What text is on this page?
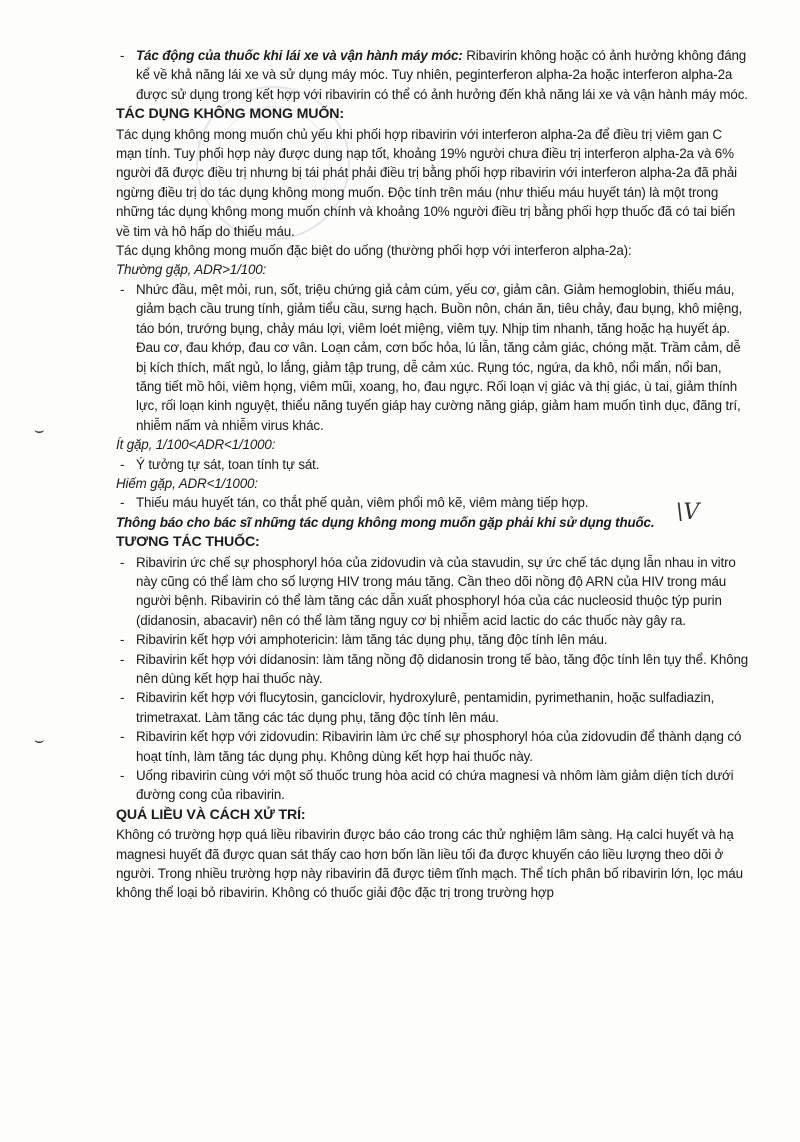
⌣
⌣
\V

- Tác động của thuốc khi lái xe và vận hành máy móc: Ribavirin không hoặc có ảnh hưởng không đáng kể về khả năng lái xe và sử dụng máy móc. Tuy nhiên, peginterferon alpha-2a hoặc interferon alpha-2a được sử dụng trong kết hợp với ribavirin có thể có ảnh hưởng đến khả năng lái xe và vận hành máy móc.

TÁC DỤNG KHÔNG MONG MUỐN:

Tác dụng không mong muốn chủ yếu khi phối hợp ribavirin với interferon alpha-2a để điều trị viêm gan C mạn tính. Tuy phối hợp này được dung nạp tốt, khoảng 19% người chưa điều trị interferon alpha-2a và 6% người đã được điều trị nhưng bị tái phát phải điều trị bằng phối hợp ribavirin với interferon alpha-2a đã phải ngừng điều trị do tác dụng không mong muốn. Độc tính trên máu (như thiếu máu huyết tán) là một trong những tác dụng không mong muốn chính và khoảng 10% người điều trị bằng phối hợp thuốc đã có tai biến về tim và hô hấp do thiếu máu.

Tác dụng không mong muốn đặc biệt do uống (thường phối hợp với interferon alpha-2a):

Thường gặp, ADR>1/100:

- Nhức đầu, mệt mỏi, run, sốt, triệu chứng giả cảm cúm, yếu cơ, giảm cân. Giảm hemoglobin, thiếu máu, giảm bạch cầu trung tính, giảm tiểu cầu, sưng hạch. Buồn nôn, chán ăn, tiêu chảy, đau bụng, khô miệng, táo bón, trướng bụng, chảy máu lợi, viêm loét miệng, viêm tụy. Nhịp tim nhanh, tăng hoặc hạ huyết áp. Đau cơ, đau khớp, đau cơ vân. Loạn cảm, cơn bốc hỏa, lú lẫn, tăng cảm giác, chóng mặt. Trầm cảm, dễ bị kích thích, mất ngủ, lo lắng, giảm tập trung, dễ cảm xúc. Rụng tóc, ngứa, da khô, nổi mẩn, nổi ban, tăng tiết mồ hôi, viêm họng, viêm mũi, xoang, ho, đau ngực. Rối loạn vị giác và thị giác, ù tai, giảm thính lực, rối loạn kinh nguyệt, thiểu năng tuyến giáp hay cường năng giáp, giảm ham muốn tình dục, đãng trí, nhiễm nấm và nhiễm virus khác.

Ít gặp, 1/100<ADR<1/1000:

- Ý tưởng tự sát, toan tính tự sát.

Hiếm gặp, ADR<1/1000:

- Thiếu máu huyết tán, co thắt phế quản, viêm phổi mô kẽ, viêm màng tiếp hợp.

Thông báo cho bác sĩ những tác dụng không mong muốn gặp phải khi sử dụng thuốc.

TƯƠNG TÁC THUỐC:

- Ribavirin ức chế sự phosphoryl hóa của zidovudin và của stavudin, sự ức chế tác dụng lẫn nhau in vitro này cũng có thể làm cho số lượng HIV trong máu tăng. Cần theo dõi nồng độ ARN của HIV trong máu người bệnh. Ribavirin có thể làm tăng các dẫn xuất phosphoryl hóa của các nucleosid thuộc týp purin (didanosin, abacavir) nên có thể làm tăng nguy cơ bị nhiễm acid lactic do các thuốc này gây ra.

- Ribavirin kết hợp với amphotericin: làm tăng tác dụng phụ, tăng độc tính lên máu.

- Ribavirin kết hợp với didanosin: làm tăng nồng độ didanosin trong tế bào, tăng độc tính lên tụy thể. Không nên dùng kết hợp hai thuốc này.

- Ribavirin kết hợp với flucytosin, ganciclovir, hydroxylurê, pentamidin, pyrimethanin, hoặc sulfadiazin, trimetraxat. Làm tăng các tác dụng phụ, tăng độc tính lên máu.

- Ribavirin kết hợp với zidovudin: Ribavirin làm ức chế sự phosphoryl hóa của zidovudin để thành dạng có hoạt tính, làm tăng tác dụng phụ. Không dùng kết hợp hai thuốc này.

- Uống ribavirin cùng với một số thuốc trung hòa acid có chứa magnesi và nhôm làm giảm diện tích dưới đường cong của ribavirin.

QUÁ LIỀU VÀ CÁCH XỬ TRÍ:

Không có trường hợp quá liều ribavirin được báo cáo trong các thử nghiệm lâm sàng. Hạ calci huyết và hạ magnesi huyết đã được quan sát thấy cao hơn bốn lần liều tối đa được khuyến cáo liều lượng theo dõi ở người. Trong nhiều trường hợp này ribavirin đã được tiêm tĩnh mạch. Thể tích phân bố ribavirin lớn, lọc máu không thể loại bỏ ribavirin. Không có thuốc giải độc đặc trị trong trường hợp
